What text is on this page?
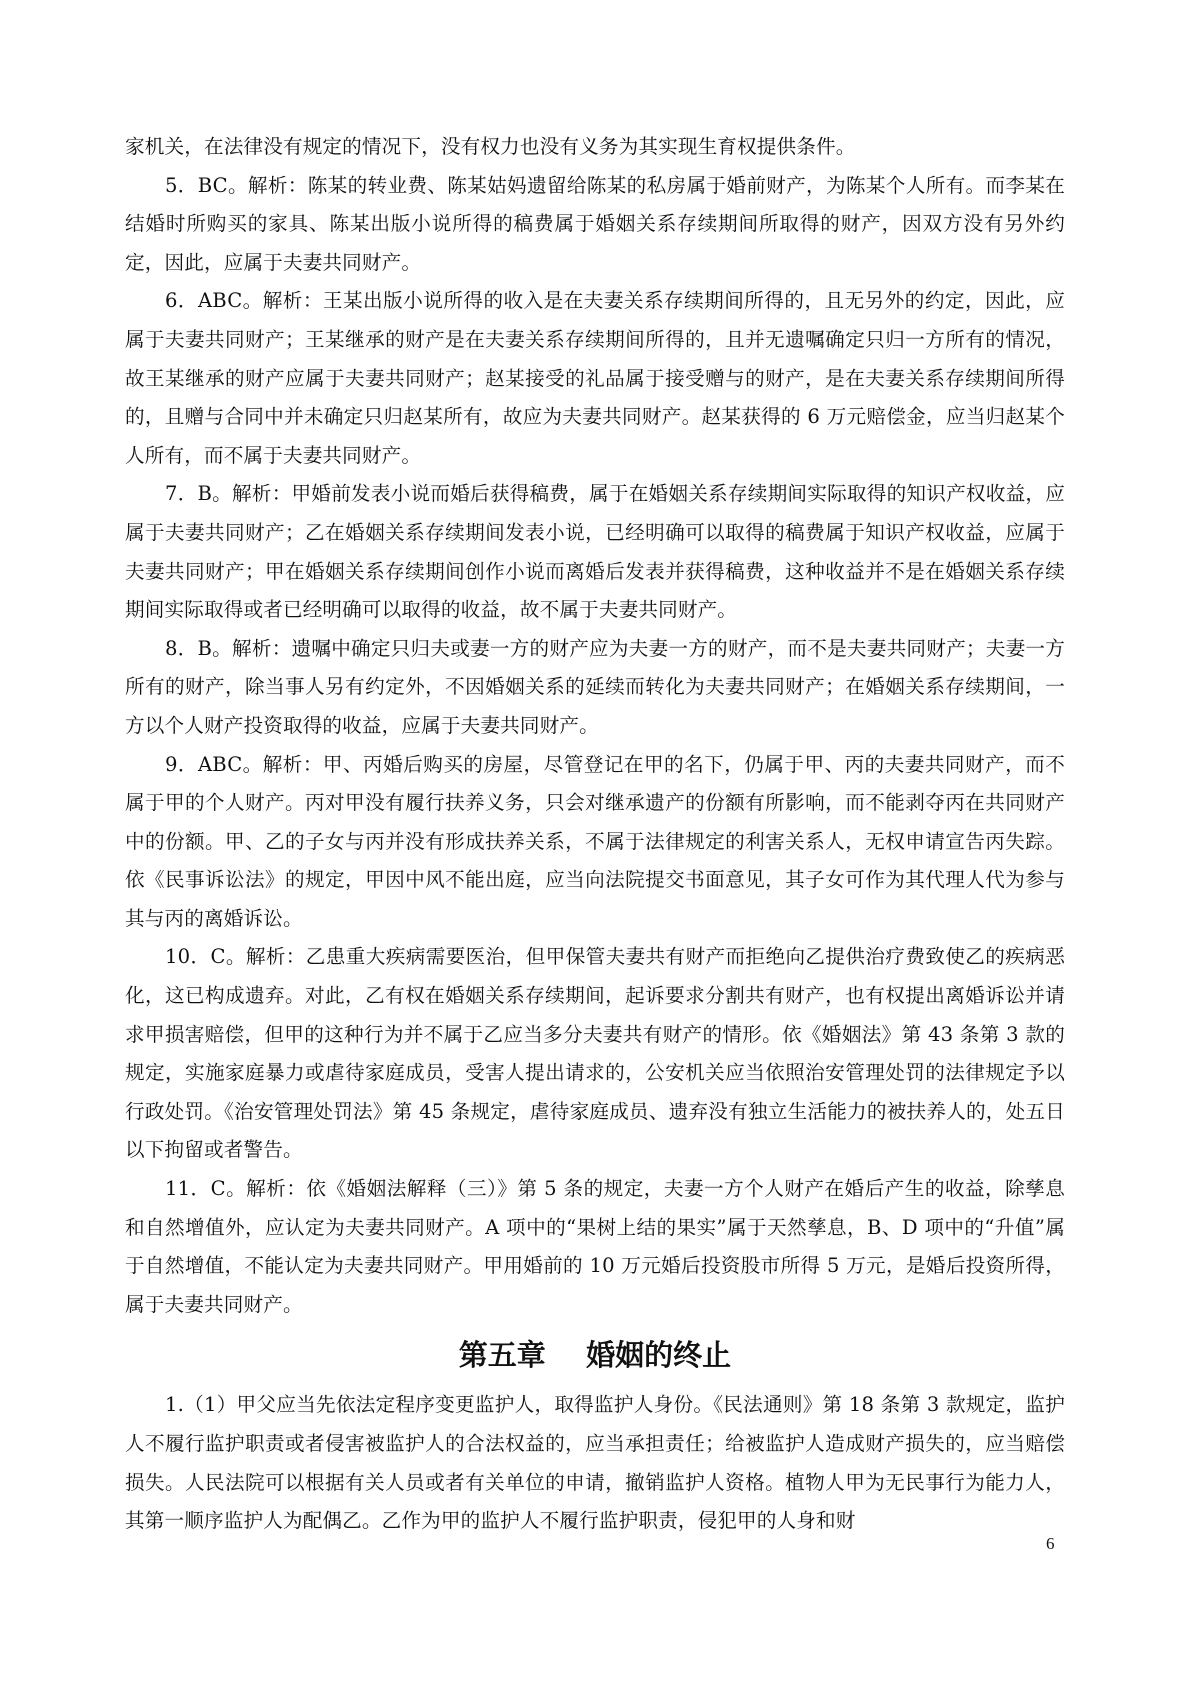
家机关，在法律没有规定的情况下，没有权力也没有义务为其实现生育权提供条件。

5．BC。解析：陈某的转业费、陈某姑妈遗留给陈某的私房属于婚前财产，为陈某个人所有。而李某在结婚时所购买的家具、陈某出版小说所得的稿费属于婚姻关系存续期间所取得的财产，因双方没有另外约定，因此，应属于夫妻共同财产。

6．ABC。解析：王某出版小说所得的收入是在夫妻关系存续期间所得的，且无另外的约定，因此，应属于夫妻共同财产；王某继承的财产是在夫妻关系存续期间所得的，且并无遗嘱确定只归一方所有的情况，故王某继承的财产应属于夫妻共同财产；赵某接受的礼品属于接受赠与的财产，是在夫妻关系存续期间所得的，且赠与合同中并未确定只归赵某所有，故应为夫妻共同财产。赵某获得的 6 万元赔偿金，应当归赵某个人所有，而不属于夫妻共同财产。

7．B。解析：甲婚前发表小说而婚后获得稿费，属于在婚姻关系存续期间实际取得的知识产权收益，应属于夫妻共同财产；乙在婚姻关系存续期间发表小说，已经明确可以取得的稿费属于知识产权收益，应属于夫妻共同财产；甲在婚姻关系存续期间创作小说而离婚后发表并获得稿费，这种收益并不是在婚姻关系存续期间实际取得或者已经明确可以取得的收益，故不属于夫妻共同财产。

8．B。解析：遗嘱中确定只归夫或妻一方的财产应为夫妻一方的财产，而不是夫妻共同财产；夫妻一方所有的财产，除当事人另有约定外，不因婚姻关系的延续而转化为夫妻共同财产；在婚姻关系存续期间，一方以个人财产投资取得的收益，应属于夫妻共同财产。

9．ABC。解析：甲、丙婚后购买的房屋，尽管登记在甲的名下，仍属于甲、丙的夫妻共同财产，而不属于甲的个人财产。丙对甲没有履行扶养义务，只会对继承遗产的份额有所影响，而不能剥夺丙在共同财产中的份额。甲、乙的子女与丙并没有形成扶养关系，不属于法律规定的利害关系人，无权申请宣告丙失踪。依《民事诉讼法》的规定，甲因中风不能出庭，应当向法院提交书面意见，其子女可作为其代理人代为参与其与丙的离婚诉讼。

10．C。解析：乙患重大疾病需要医治，但甲保管夫妻共有财产而拒绝向乙提供治疗费致使乙的疾病恶化，这已构成遗弃。对此，乙有权在婚姻关系存续期间，起诉要求分割共有财产，也有权提出离婚诉讼并请求甲损害赔偿，但甲的这种行为并不属于乙应当多分夫妻共有财产的情形。依《婚姻法》第 43 条第 3 款的规定，实施家庭暴力或虐待家庭成员，受害人提出请求的，公安机关应当依照治安管理处罚的法律规定予以行政处罚。《治安管理处罚法》第 45 条规定，虐待家庭成员、遗弃没有独立生活能力的被扶养人的，处五日以下拘留或者警告。

11．C。解析：依《婚姻法解释（三）》第 5 条的规定，夫妻一方个人财产在婚后产生的收益，除孳息和自然增值外，应认定为夫妻共同财产。A 项中的“果树上结的果实”属于天然孳息，B、D 项中的“升值”属于自然增值，不能认定为夫妻共同财产。甲用婚前的 10 万元婚后投资股市所得 5 万元，是婚后投资所得，属于夫妻共同财产。

第五章    婚姻的终止

1.（1）甲父应当先依法定程序变更监护人，取得监护人身份。《民法通则》第 18 条第 3 款规定，监护人不履行监护职责或者侵害被监护人的合法权益的，应当承担责任；给被监护人造成财产损失的，应当赔偿损失。人民法院可以根据有关人员或者有关单位的申请，撤销监护人资格。植物人甲为无民事行为能力人，其第一顺序监护人为配偶乙。乙作为甲的监护人不履行监护职责，侵犯甲的人身和财

6
